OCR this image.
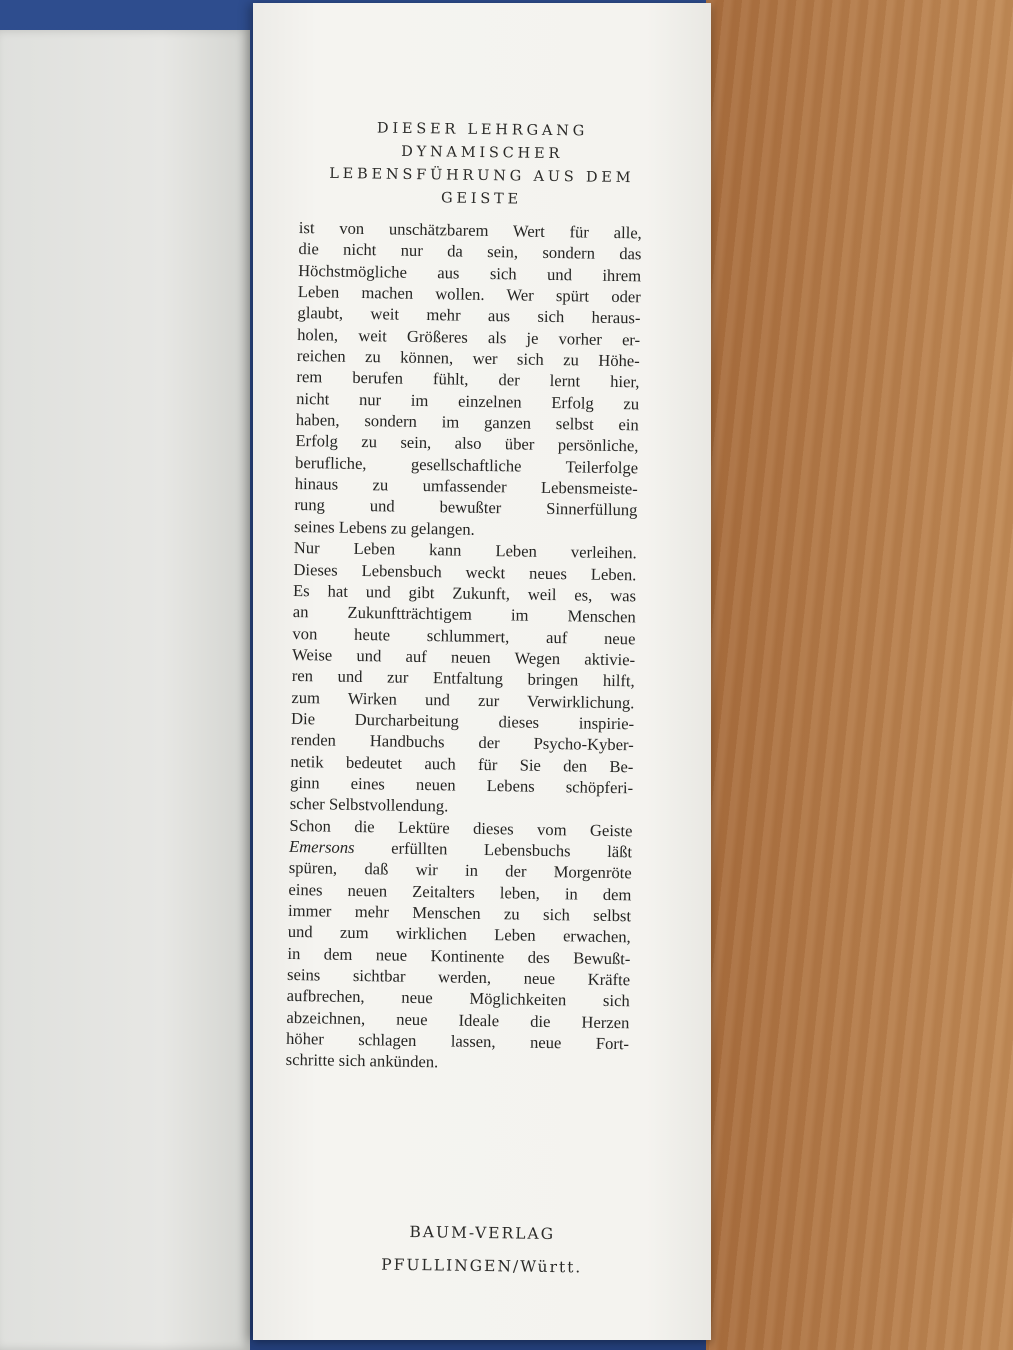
DIESER LEHRGANG
DYNAMISCHER
LEBENSFÜHRUNG AUS DEM
GEISTE
ist von unschätzbarem Wert für alle,
die nicht nur da sein, sondern das
Höchstmögliche aus sich und ihrem
Leben machen wollen. Wer spürt oder
glaubt, weit mehr aus sich heraus-
holen, weit Größeres als je vorher er-
reichen zu können, wer sich zu Höhe-
rem berufen fühlt, der lernt hier,
nicht nur im einzelnen Erfolg zu
haben, sondern im ganzen selbst ein
Erfolg zu sein, also über persönliche,
berufliche, gesellschaftliche Teilerfolge
hinaus zu umfassender Lebensmeiste-
rung und bewußter Sinnerfüllung
seines Lebens zu gelangen.
Nur Leben kann Leben verleihen.
Dieses Lebensbuch weckt neues Leben.
Es hat und gibt Zukunft, weil es, was
an Zukunftträchtigem im Menschen
von heute schlummert, auf neue
Weise und auf neuen Wegen aktivie-
ren und zur Entfaltung bringen hilft,
zum Wirken und zur Verwirklichung.
Die Durcharbeitung dieses inspirie-
renden Handbuchs der Psycho-Kyber-
netik bedeutet auch für Sie den Be-
ginn eines neuen Lebens schöpferi-
scher Selbstvollendung.
Schon die Lektüre dieses vom Geiste
Emersons erfüllten Lebensbuchs läßt
spüren, daß wir in der Morgenröte
eines neuen Zeitalters leben, in dem
immer mehr Menschen zu sich selbst
und zum wirklichen Leben erwachen,
in dem neue Kontinente des Bewußt-
seins sichtbar werden, neue Kräfte
aufbrechen, neue Möglichkeiten sich
abzeichnen, neue Ideale die Herzen
höher schlagen lassen, neue Fort-
schritte sich ankünden.
BAUM-VERLAG
PFULLINGEN/Württ.
